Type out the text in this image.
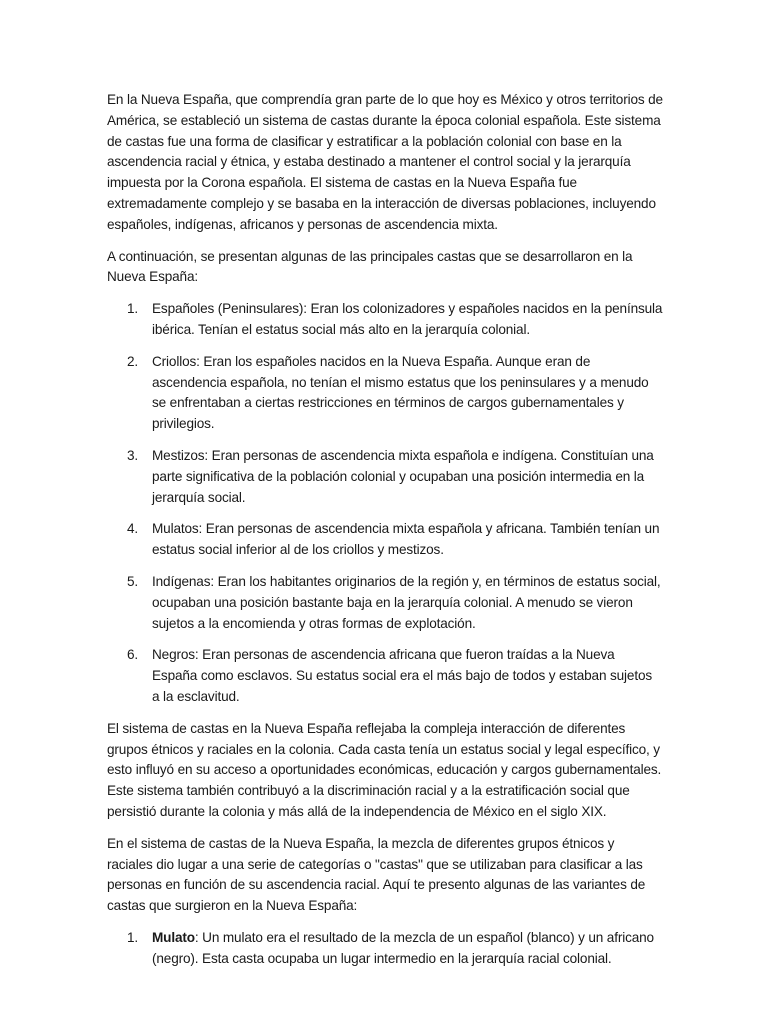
En la Nueva España, que comprendía gran parte de lo que hoy es México y otros territorios de América, se estableció un sistema de castas durante la época colonial española. Este sistema de castas fue una forma de clasificar y estratificar a la población colonial con base en la ascendencia racial y étnica, y estaba destinado a mantener el control social y la jerarquía impuesta por la Corona española. El sistema de castas en la Nueva España fue extremadamente complejo y se basaba en la interacción de diversas poblaciones, incluyendo españoles, indígenas, africanos y personas de ascendencia mixta.

A continuación, se presentan algunas de las principales castas que se desarrollaron en la Nueva España:

1. Españoles (Peninsulares): Eran los colonizadores y españoles nacidos en la península ibérica. Tenían el estatus social más alto en la jerarquía colonial.
2. Criollos: Eran los españoles nacidos en la Nueva España. Aunque eran de ascendencia española, no tenían el mismo estatus que los peninsulares y a menudo se enfrentaban a ciertas restricciones en términos de cargos gubernamentales y privilegios.
3. Mestizos: Eran personas de ascendencia mixta española e indígena. Constituían una parte significativa de la población colonial y ocupaban una posición intermedia en la jerarquía social.
4. Mulatos: Eran personas de ascendencia mixta española y africana. También tenían un estatus social inferior al de los criollos y mestizos.
5. Indígenas: Eran los habitantes originarios de la región y, en términos de estatus social, ocupaban una posición bastante baja en la jerarquía colonial. A menudo se vieron sujetos a la encomienda y otras formas de explotación.
6. Negros: Eran personas de ascendencia africana que fueron traídas a la Nueva España como esclavos. Su estatus social era el más bajo de todos y estaban sujetos a la esclavitud.

El sistema de castas en la Nueva España reflejaba la compleja interacción de diferentes grupos étnicos y raciales en la colonia. Cada casta tenía un estatus social y legal específico, y esto influyó en su acceso a oportunidades económicas, educación y cargos gubernamentales. Este sistema también contribuyó a la discriminación racial y a la estratificación social que persistió durante la colonia y más allá de la independencia de México en el siglo XIX.

En el sistema de castas de la Nueva España, la mezcla de diferentes grupos étnicos y raciales dio lugar a una serie de categorías o "castas" que se utilizaban para clasificar a las personas en función de su ascendencia racial. Aquí te presento algunas de las variantes de castas que surgieron en la Nueva España:

1. Mulato: Un mulato era el resultado de la mezcla de un español (blanco) y un africano (negro). Esta casta ocupaba un lugar intermedio en la jerarquía racial colonial.
